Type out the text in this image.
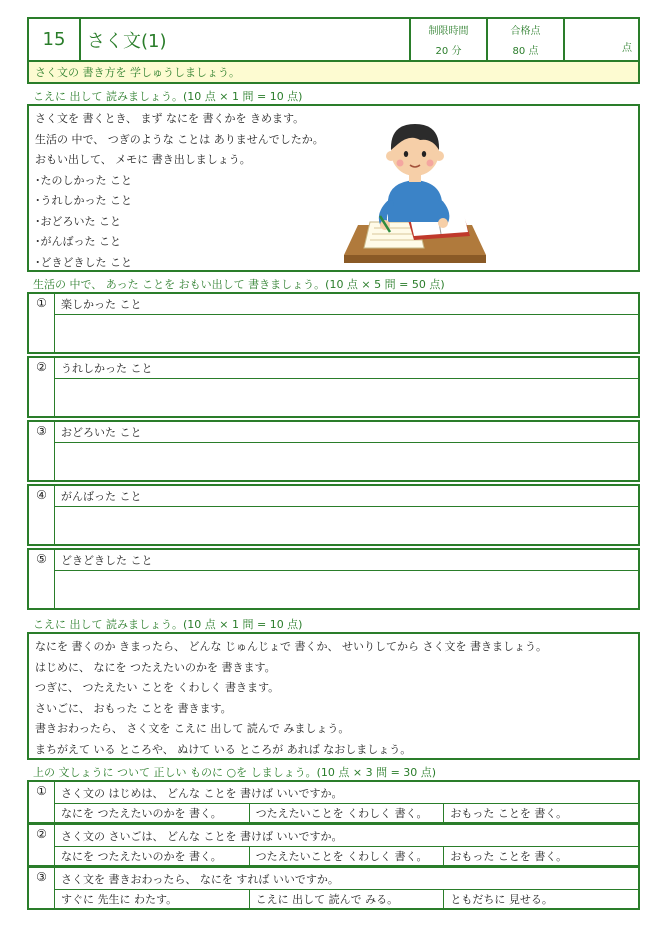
15	さく文(1)	制限時間
20 分
合格点
80 点	点
さく文の 書き方を 学しゅうしましょう。
こえに 出して 読みましょう。(10 点 × 1 問 = 10 点)
さく文を 書くとき、 まず なにを 書くかを きめます。
生活の 中で、 つぎのような ことは ありませんでしたか。
おもい出して、 メモに 書き出しましょう。
･たのしかった こと
･うれしかった こと
･おどろいた こと
･がんばった こと
･どきどきした こと
生活の 中で、 あった ことを おもい出して 書きましょう。(10 点 × 5 問 = 50 点)
①	楽しかった こと
②	うれしかった こと
③	おどろいた こと
④	がんばった こと
⑤	どきどきした こと
こえに 出して 読みましょう。(10 点 × 1 問 = 10 点)
なにを 書くのか きまったら、 どんな じゅんじょで 書くか、 せいりしてから さく文を 書きましょう。
はじめに、 なにを つたえたいのかを 書きます。
つぎに、 つたえたい ことを くわしく 書きます。
さいごに、 おもった ことを 書きます。
書きおわったら、 さく文を こえに 出して 読んで みましょう。
まちがえて いる ところや、 ぬけて いる ところが あれば なおしましょう。
上の 文しょうに ついて 正しい ものに ○を しましょう。(10 点 × 3 問 = 30 点)
①	さく文の はじめは、 どんな ことを 書けば いいですか。
なにを つたえたいのかを 書く。	つたえたいことを くわしく 書く。	おもった ことを 書く。
②	さく文の さいごは、 どんな ことを 書けば いいですか。
なにを つたえたいのかを 書く。	つたえたいことを くわしく 書く。	おもった ことを 書く。
③	さく文を 書きおわったら、 なにを すれば いいですか。
すぐに 先生に わたす。	こえに 出して 読んで みる。	ともだちに 見せる。
